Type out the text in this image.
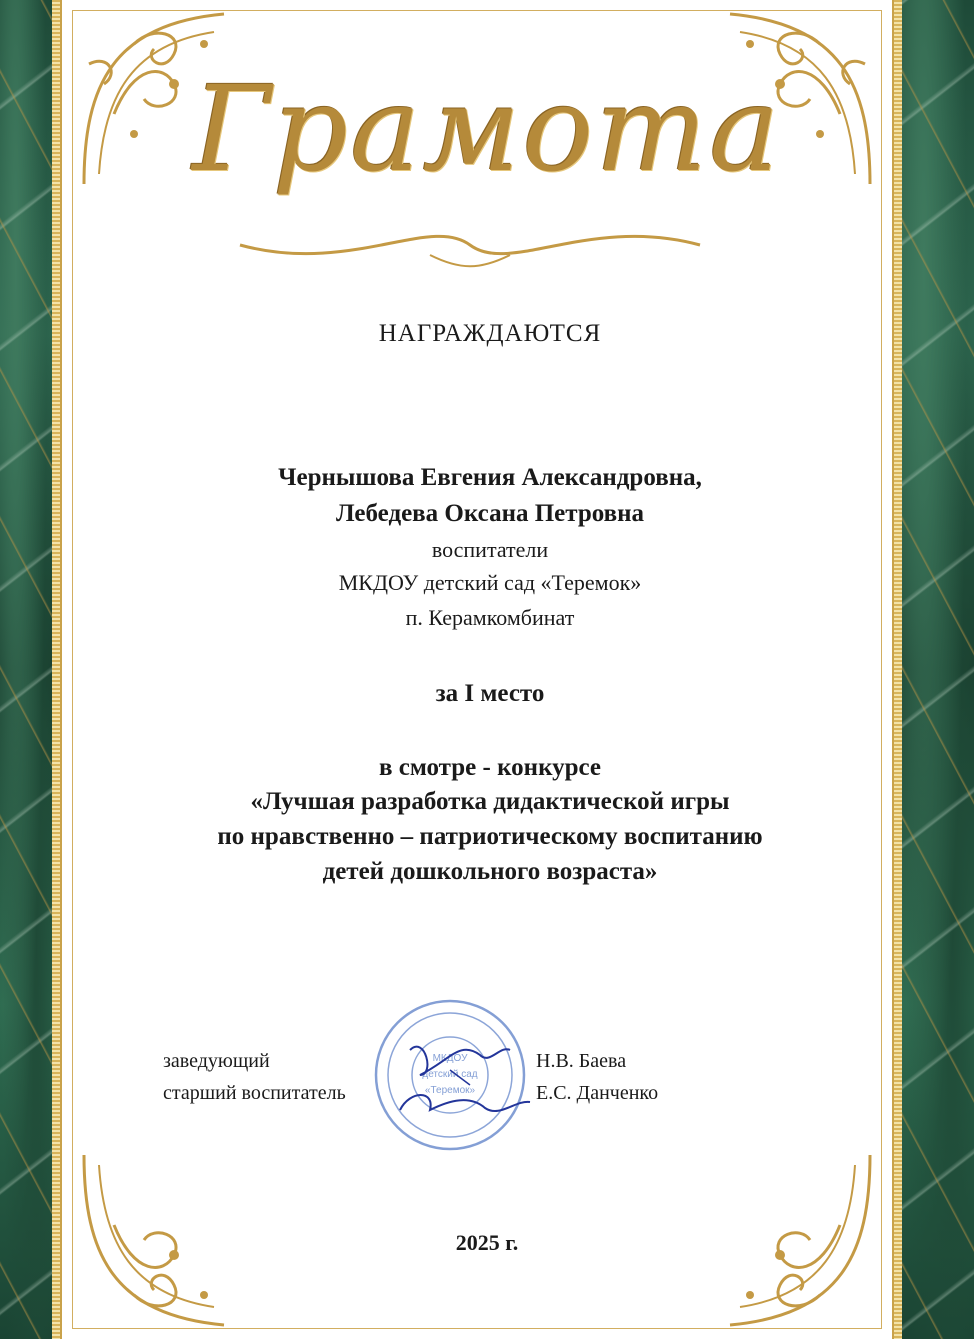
Грамота
НАГРАЖДАЮТСЯ
Чернышова Евгения Александровна,
Лебедева Оксана Петровна
воспитатели
МКДОУ детский сад «Теремок»
п. Керамкомбинат
за I место
в смотре - конкурсе
«Лучшая разработка дидактической игры
по нравственно – патриотическому воспитанию
детей дошкольного возраста»
МКДОУ
детский сад
«Теремок»
заведующий
старший воспитатель
Н.В. Баева
Е.С. Данченко
2025 г.
